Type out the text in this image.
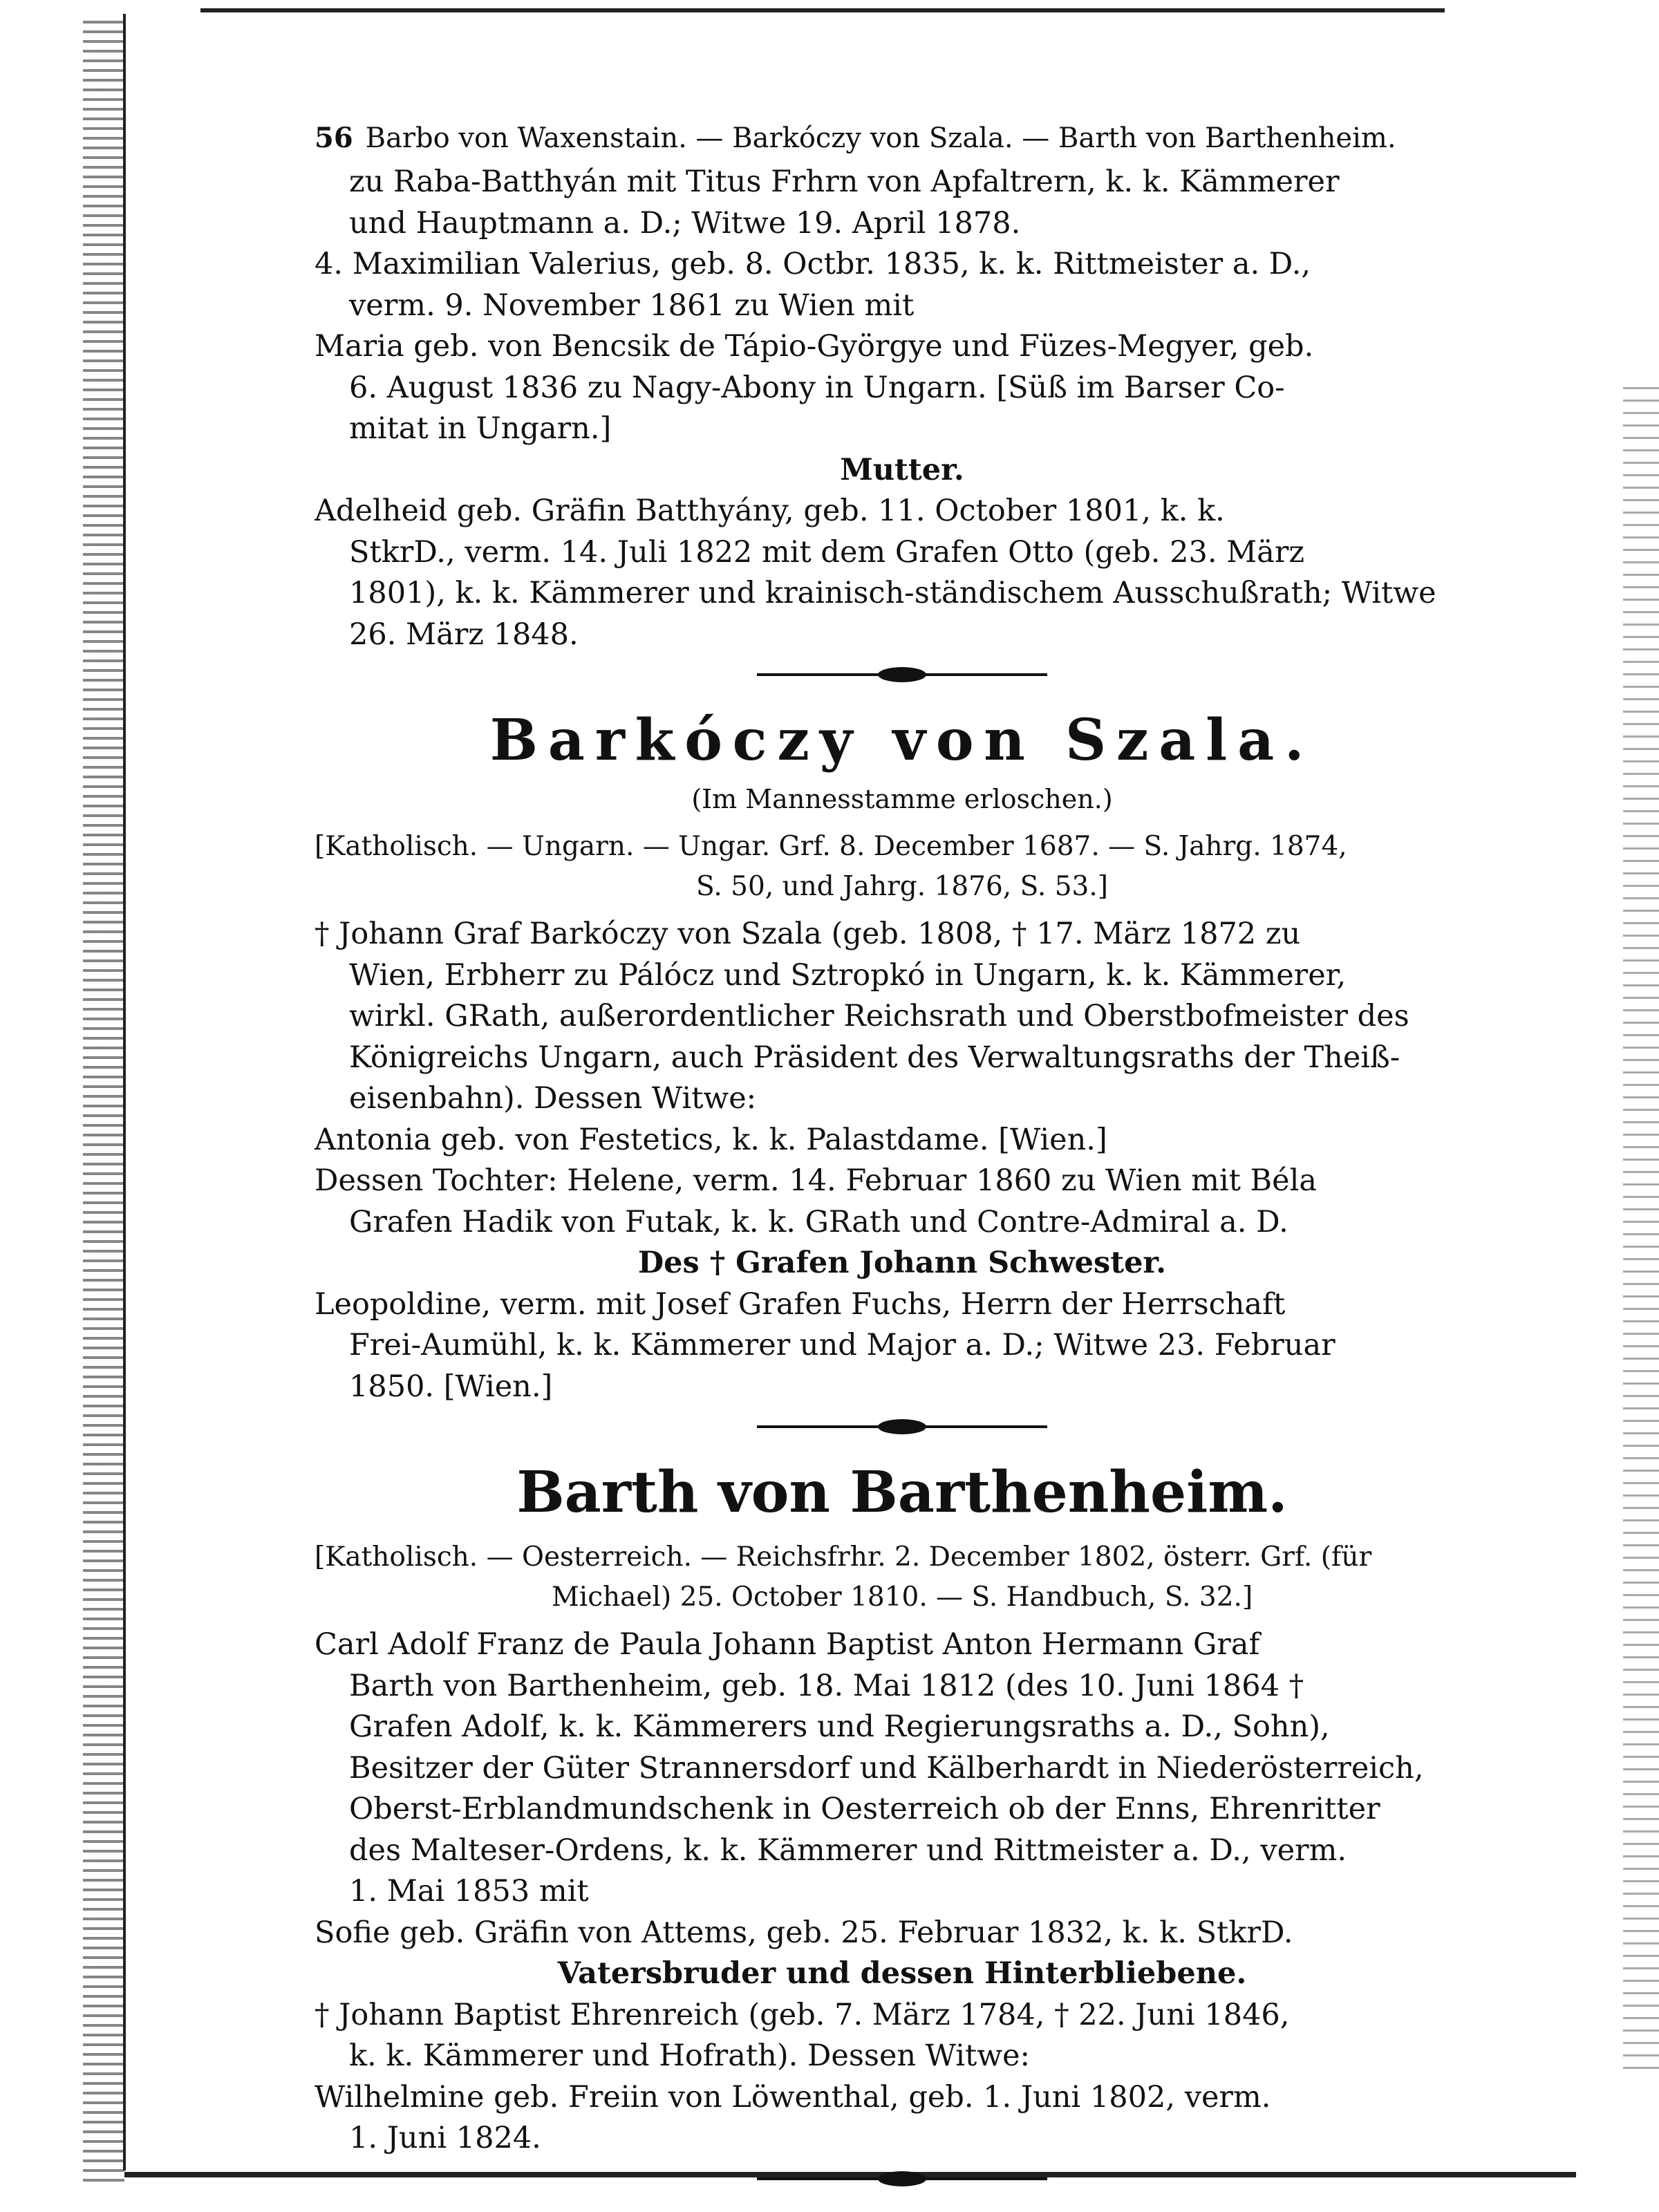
56 Barbo von Waxenstain. — Barkóczy von Szala. — Barth von Barthenheim.
zu Raba-Batthyán mit Titus Frhrn von Apfaltrern, k. k. Kämmerer
und Hauptmann a. D.; Witwe 19. April 1878.
4. Maximilian Valerius, geb. 8. Octbr. 1835, k. k. Rittmeister a. D.,
verm. 9. November 1861 zu Wien mit
Maria geb. von Bencsik de Tápio-Györgye und Füzes-Megyer, geb.
6. August 1836 zu Nagy-Abony in Ungarn. [Süß im Barser Co-
mitat in Ungarn.]
Mutter.
Adelheid geb. Gräfin Batthyány, geb. 11. October 1801, k. k.
StkrD., verm. 14. Juli 1822 mit dem Grafen Otto (geb. 23. März
1801), k. k. Kämmerer und krainisch-ständischem Ausschußrath; Witwe
26. März 1848.
Barkóczy von Szala.
(Im Mannesstamme erloschen.)
[Katholisch. — Ungarn. — Ungar. Grf. 8. December 1687. — S. Jahrg. 1874,
S. 50, und Jahrg. 1876, S. 53.]
† Johann Graf Barkóczy von Szala (geb. 1808, † 17. März 1872 zu
Wien, Erbherr zu Pálócz und Sztropkó in Ungarn, k. k. Kämmerer,
wirkl. GRath, außerordentlicher Reichsrath und Oberstbofmeister des
Königreichs Ungarn, auch Präsident des Verwaltungsraths der Theiß-
eisenbahn). Dessen Witwe:
Antonia geb. von Festetics, k. k. Palastdame. [Wien.]
Dessen Tochter: Helene, verm. 14. Februar 1860 zu Wien mit Béla
Grafen Hadik von Futak, k. k. GRath und Contre-Admiral a. D.
Des † Grafen Johann Schwester.
Leopoldine, verm. mit Josef Grafen Fuchs, Herrn der Herrschaft
Frei-Aumühl, k. k. Kämmerer und Major a. D.; Witwe 23. Februar
1850. [Wien.]
Barth von Barthenheim.
[Katholisch. — Oesterreich. — Reichsfrhr. 2. December 1802, österr. Grf. (für
Michael) 25. October 1810. — S. Handbuch, S. 32.]
Carl Adolf Franz de Paula Johann Baptist Anton Hermann Graf
Barth von Barthenheim, geb. 18. Mai 1812 (des 10. Juni 1864 †
Grafen Adolf, k. k. Kämmerers und Regierungsraths a. D., Sohn),
Besitzer der Güter Strannersdorf und Kälberhardt in Niederösterreich,
Oberst-Erblandmundschenk in Oesterreich ob der Enns, Ehrenritter
des Malteser-Ordens, k. k. Kämmerer und Rittmeister a. D., verm.
1. Mai 1853 mit
Sofie geb. Gräfin von Attems, geb. 25. Februar 1832, k. k. StkrD.
Vatersbruder und dessen Hinterbliebene.
† Johann Baptist Ehrenreich (geb. 7. März 1784, † 22. Juni 1846,
k. k. Kämmerer und Hofrath). Dessen Witwe:
Wilhelmine geb. Freiin von Löwenthal, geb. 1. Juni 1802, verm.
1. Juni 1824.
